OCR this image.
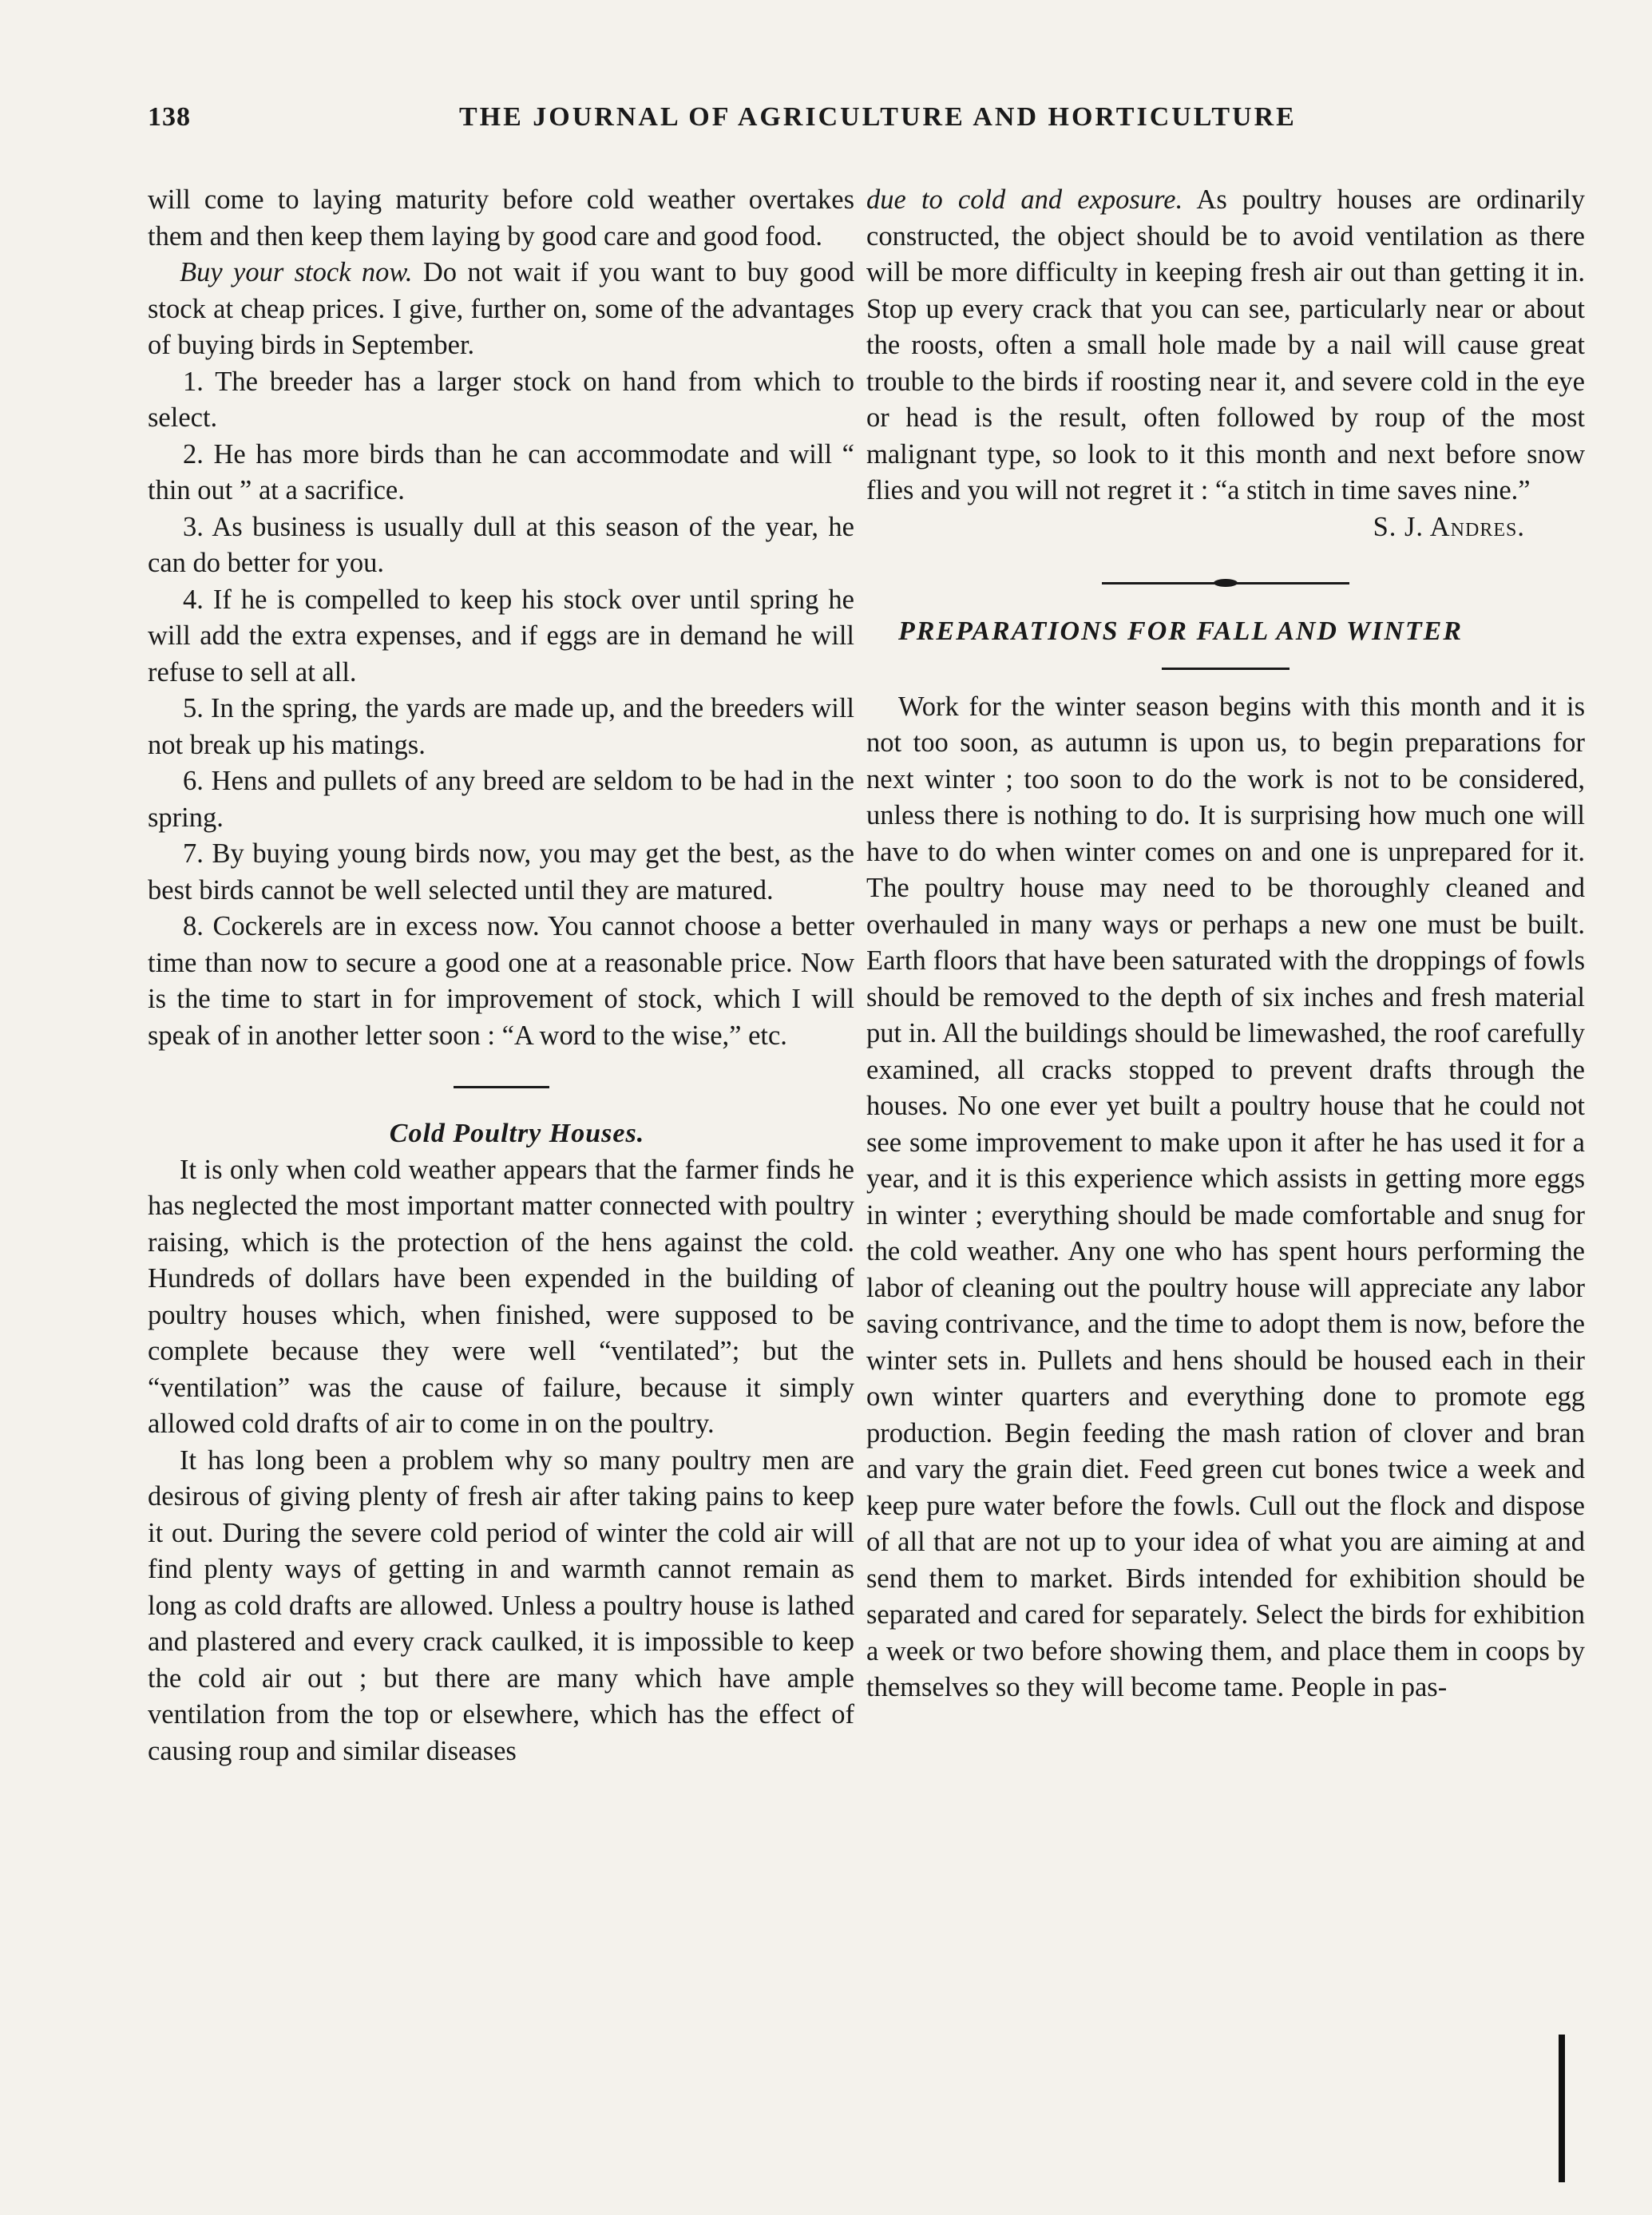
138	THE JOURNAL OF AGRICULTURE AND HORTICULTURE

will come to laying maturity before cold weather overtakes them and then keep them laying by good care and good food.

Buy your stock now. Do not wait if you want to buy good stock at cheap prices. I give, further on, some of the advantages of buying birds in September.

1. The breeder has a larger stock on hand from which to select.

2. He has more birds than he can accommodate and will “ thin out ” at a sacrifice.

3. As business is usually dull at this season of the year, he can do better for you.

4. If he is compelled to keep his stock over until spring he will add the extra expenses, and if eggs are in demand he will refuse to sell at all.

5. In the spring, the yards are made up, and the breeders will not break up his matings.

6. Hens and pullets of any breed are seldom to be had in the spring.

7. By buying young birds now, you may get the best, as the best birds cannot be well selected until they are matured.

8. Cockerels are in excess now. You cannot choose a better time than now to secure a good one at a reasonable price. Now is the time to start in for improvement of stock, which I will speak of in another letter soon : “A word to the wise,” etc.

Cold Poultry Houses.

It is only when cold weather appears that the farmer finds he has neglected the most important matter connected with poultry raising, which is the protection of the hens against the cold. Hundreds of dollars have been expended in the building of poultry houses which, when finished, were supposed to be complete because they were well “ventilated”; but the “ventilation” was the cause of failure, because it simply allowed cold drafts of air to come in on the poultry.

It has long been a problem why so many poultry men are desirous of giving plenty of fresh air after taking pains to keep it out. During the severe cold period of winter the cold air will find plenty ways of getting in and warmth cannot remain as long as cold drafts are allowed. Unless a poultry house is lathed and plastered and every crack caulked, it is impossible to keep the cold air out ; but there are many which have ample ventilation from the top or elsewhere, which has the effect of causing roup and similar diseases

due to cold and exposure. As poultry houses are ordinarily constructed, the object should be to avoid ventilation as there will be more difficulty in keeping fresh air out than getting it in. Stop up every crack that you can see, particularly near or about the roosts, often a small hole made by a nail will cause great trouble to the birds if roosting near it, and severe cold in the eye or head is the result, often followed by roup of the most malignant type, so look to it this month and next before snow flies and you will not regret it : “a stitch in time saves nine.”

S. J. Andres.

PREPARATIONS FOR FALL AND WINTER

Work for the winter season begins with this month and it is not too soon, as autumn is upon us, to begin preparations for next winter ; too soon to do the work is not to be considered, unless there is nothing to do. It is surprising how much one will have to do when winter comes on and one is unprepared for it. The poultry house may need to be thoroughly cleaned and overhauled in many ways or perhaps a new one must be built. Earth floors that have been saturated with the droppings of fowls should be removed to the depth of six inches and fresh material put in. All the buildings should be limewashed, the roof carefully examined, all cracks stopped to prevent drafts through the houses. No one ever yet built a poultry house that he could not see some improvement to make upon it after he has used it for a year, and it is this experience which assists in getting more eggs in winter ; everything should be made comfortable and snug for the cold weather. Any one who has spent hours performing the labor of cleaning out the poultry house will appreciate any labor saving contrivance, and the time to adopt them is now, before the winter sets in. Pullets and hens should be housed each in their own winter quarters and everything done to promote egg production. Begin feeding the mash ration of clover and bran and vary the grain diet. Feed green cut bones twice a week and keep pure water before the fowls. Cull out the flock and dispose of all that are not up to your idea of what you are aiming at and send them to market. Birds intended for exhibition should be separated and cared for separately. Select the birds for exhibition a week or two before showing them, and place them in coops by themselves so they will become tame. People in pas-
